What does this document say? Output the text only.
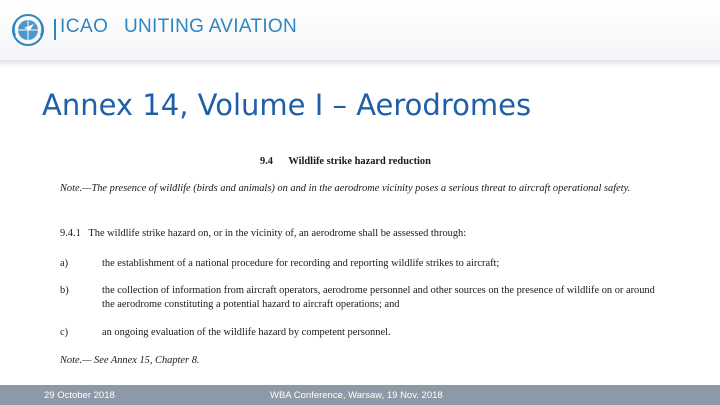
ICAO UNITING AVIATION
Annex 14, Volume I – Aerodromes
9.4 Wildlife strike hazard reduction
Note.—The presence of wildlife (birds and animals) on and in the aerodrome vicinity poses a serious threat to aircraft operational safety.
9.4.1 The wildlife strike hazard on, or in the vicinity of, an aerodrome shall be assessed through:
a)	the establishment of a national procedure for recording and reporting wildlife strikes to aircraft;
b)	the collection of information from aircraft operators, aerodrome personnel and other sources on the presence of wildlife on or around the aerodrome constituting a potential hazard to aircraft operations; and
c)	an ongoing evaluation of the wildlife hazard by competent personnel.
Note.— See Annex 15, Chapter 8.
29 October 2018	WBA Conference, Warsaw, 19 Nov. 2018
